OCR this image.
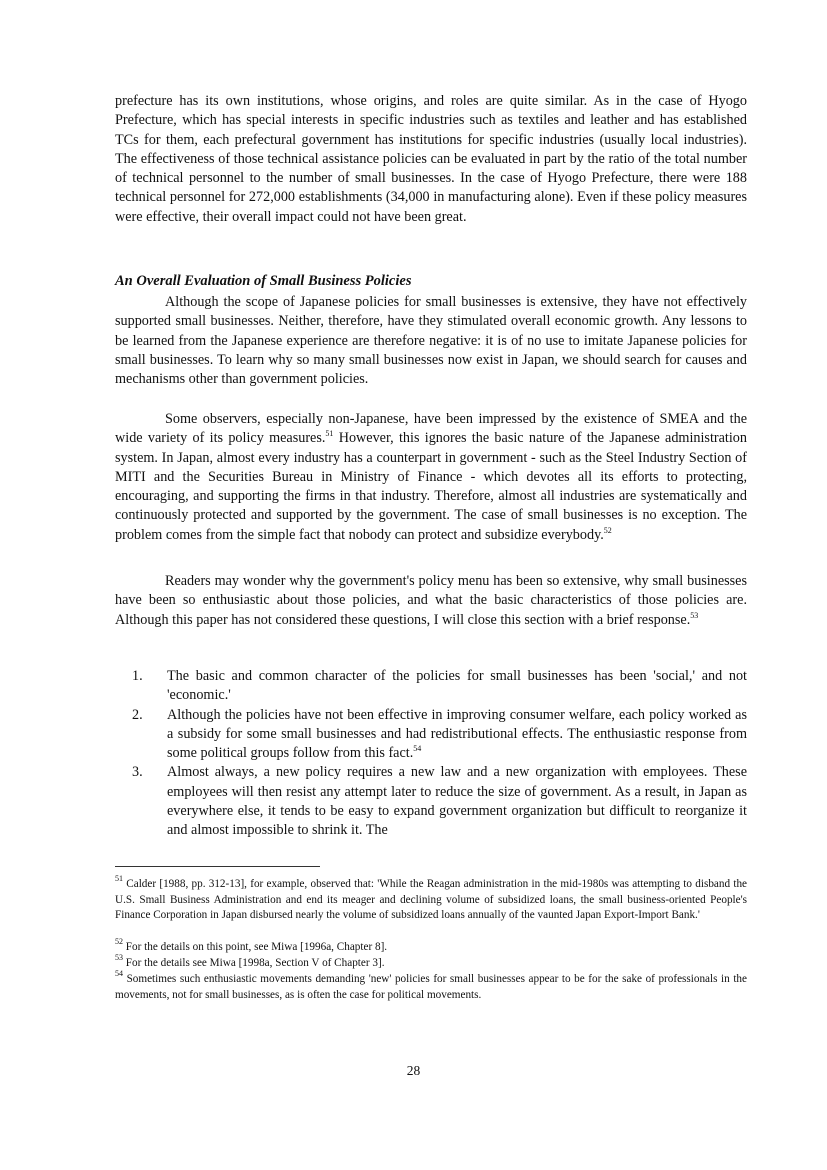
prefecture has its own institutions, whose origins, and roles are quite similar. As in the case of Hyogo Prefecture, which has special interests in specific industries such as textiles and leather and has established TCs for them, each prefectural government has institutions for specific industries (usually local industries). The effectiveness of those technical assistance policies can be evaluated in part by the ratio of the total number of technical personnel to the number of small businesses. In the case of Hyogo Prefecture, there were 188 technical personnel for 272,000 establishments (34,000 in manufacturing alone). Even if these policy measures were effective, their overall impact could not have been great.
An Overall Evaluation of Small Business Policies
Although the scope of Japanese policies for small businesses is extensive, they have not effectively supported small businesses. Neither, therefore, have they stimulated overall economic growth. Any lessons to be learned from the Japanese experience are therefore negative: it is of no use to imitate Japanese policies for small businesses. To learn why so many small businesses now exist in Japan, we should search for causes and mechanisms other than government policies.
Some observers, especially non-Japanese, have been impressed by the existence of SMEA and the wide variety of its policy measures.$^{51}$ However, this ignores the basic nature of the Japanese administration system. In Japan, almost every industry has a counterpart in government - such as the Steel Industry Section of MITI and the Securities Bureau in Ministry of Finance - which devotes all its efforts to protecting, encouraging, and supporting the firms in that industry. Therefore, almost all industries are systematically and continuously protected and supported by the government. The case of small businesses is no exception. The problem comes from the simple fact that nobody can protect and subsidize everybody.$^{52}$
Readers may wonder why the government's policy menu has been so extensive, why small businesses have been so enthusiastic about those policies, and what the basic characteristics of those policies are. Although this paper has not considered these questions, I will close this section with a brief response.$^{53}$
1.	The basic and common character of the policies for small businesses has been 'social,' and not 'economic.'
2.	Although the policies have not been effective in improving consumer welfare, each policy worked as a subsidy for some small businesses and had redistributional effects. The enthusiastic response from some political groups follow from this fact.$^{54}$
3.	Almost always, a new policy requires a new law and a new organization with employees. These employees will then resist any attempt later to reduce the size of government. As a result, in Japan as everywhere else, it tends to be easy to expand government organization but difficult to reorganize it and almost impossible to shrink it. The
$^{51}$ Calder [1988, pp. 312-13], for example, observed that: 'While the Reagan administration in the mid-1980s was attempting to disband the U.S. Small Business Administration and end its meager and declining volume of subsidized loans, the small business-oriented People's Finance Corporation in Japan disbursed nearly the volume of subsidized loans annually of the vaunted Japan Export-Import Bank.'
$^{52}$ For the details on this point, see Miwa [1996a, Chapter 8].
$^{53}$ For the details see Miwa [1998a, Section V of Chapter 3].
$^{54}$ Sometimes such enthusiastic movements demanding 'new' policies for small businesses appear to be for the sake of professionals in the movements, not for small businesses, as is often the case for political movements.
28
